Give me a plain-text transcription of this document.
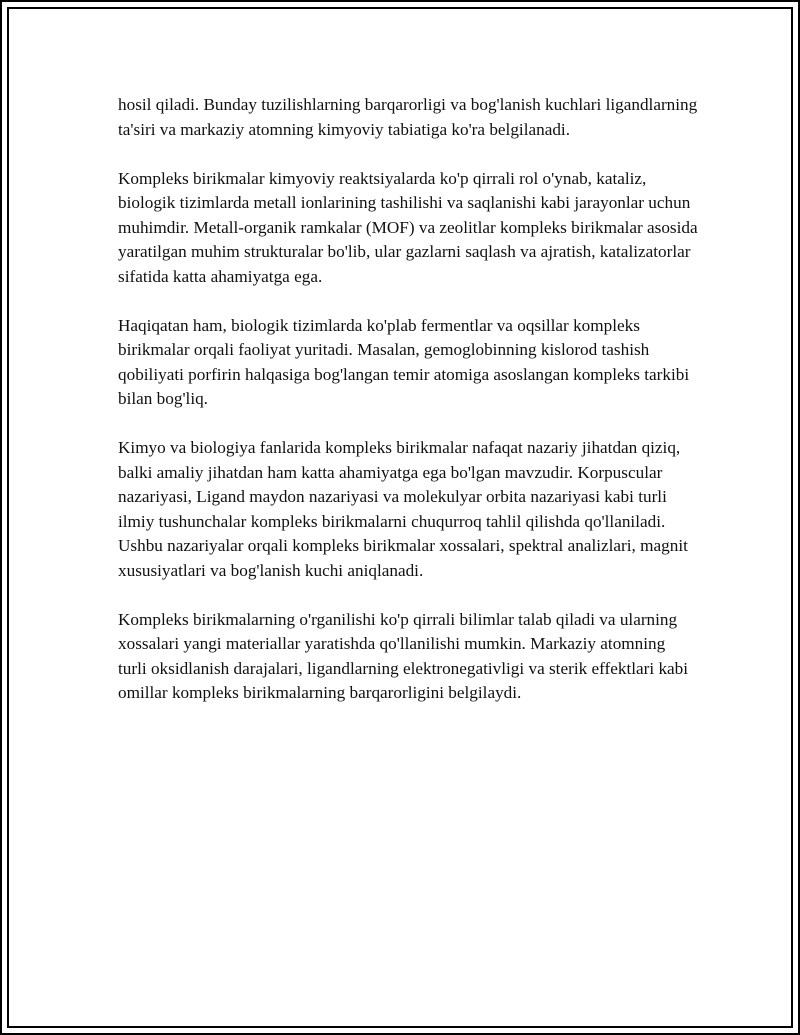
hosil qiladi. Bunday tuzilishlarning barqarorligi va bog'lanish kuchlari ligandlarning ta'siri va markaziy atomning kimyoviy tabiatiga ko'ra belgilanadi.

Kompleks birikmalar kimyoviy reaktsiyalarda ko'p qirrali rol o'ynab, kataliz, biologik tizimlarda metall ionlarining tashilishi va saqlanishi kabi jarayonlar uchun muhimdir. Metall-organik ramkalar (MOF) va zeolitlar kompleks birikmalar asosida yaratilgan muhim strukturalar bo'lib, ular gazlarni saqlash va ajratish, katalizatorlar sifatida katta ahamiyatga ega.

Haqiqatan ham, biologik tizimlarda ko'plab fermentlar va oqsillar kompleks birikmalar orqali faoliyat yuritadi. Masalan, gemoglobinning kislorod tashish qobiliyati porfirin halqasiga bog'langan temir atomiga asoslangan kompleks tarkibi bilan bog'liq.

Kimyo va biologiya fanlarida kompleks birikmalar nafaqat nazariy jihatdan qiziq, balki amaliy jihatdan ham katta ahamiyatga ega bo'lgan mavzudir. Korpuscular nazariyasi, Ligand maydon nazariyasi va molekulyar orbita nazariyasi kabi turli ilmiy tushunchalar kompleks birikmalarni chuqurroq tahlil qilishda qo'llaniladi. Ushbu nazariyalar orqali kompleks birikmalar xossalari, spektral analizlari, magnit xususiyatlari va bog'lanish kuchi aniqlanadi.

Kompleks birikmalarning o'rganilishi ko'p qirrali bilimlar talab qiladi va ularning xossalari yangi materiallar yaratishda qo'llanilishi mumkin. Markaziy atomning turli oksidlanish darajalari, ligandlarning elektronegativligi va sterik effektlari kabi omillar kompleks birikmalarning barqarorligini belgilaydi.
